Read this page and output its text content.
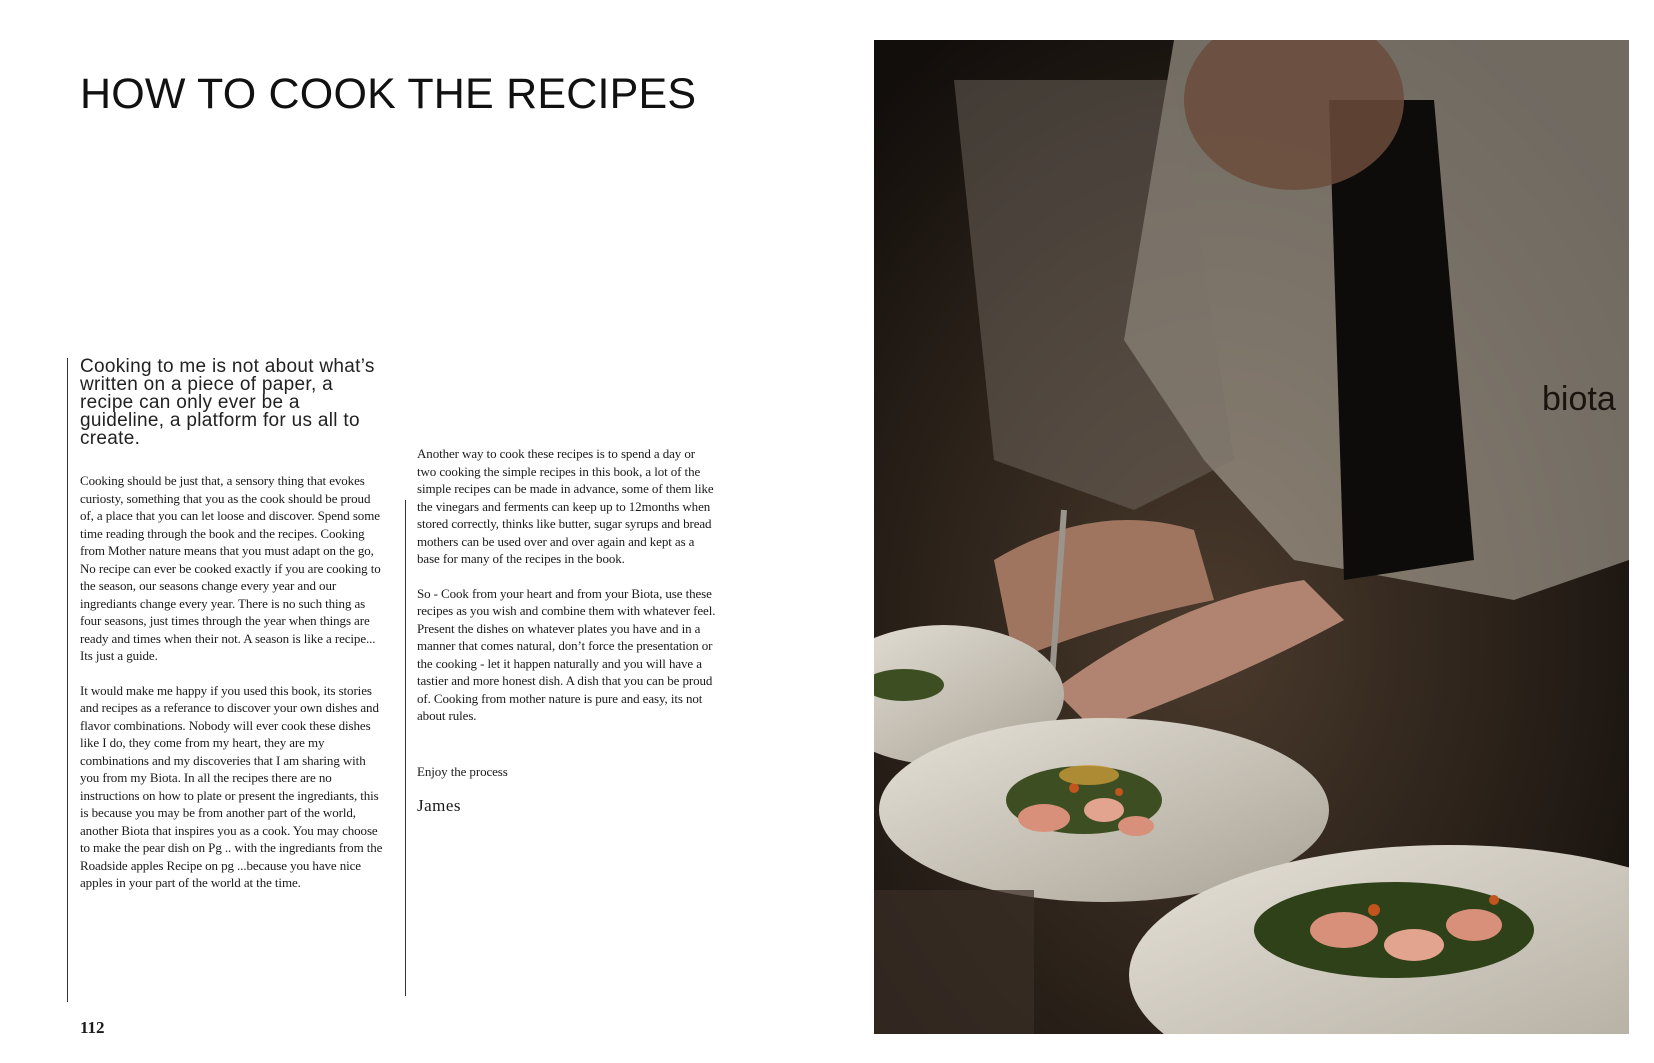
HOW TO COOK THE RECIPES

Cooking to me is not about what’s written on a piece of paper, a recipe can only ever be a guideline, a platform for us all to create.

Cooking should be just that, a sensory thing that evokes curiosty, something that you as the cook should be proud of, a place that you can let loose and discover. Spend some time reading through the book and the recipes. Cooking from Mother nature means that you must adapt on the go, No recipe can ever be cooked exactly if you are cooking to the season, our seasons change every year and our ingrediants change every year. There is no such thing as four seasons, just times through the year when things are ready and times when their not. A season is like a recipe... Its just a guide.

It would make me happy if you used this book, its stories and recipes as a referance to discover your own dishes and flavor combinations. Nobody will ever cook these dishes like I do, they come from my heart, they are my combinations and my discoveries that I am sharing with you from my Biota. In all the recipes there are no instructions on how to plate or present the ingrediants, this is because you may be from another part of the world, another Biota that inspires you as a cook. You may choose to make the pear dish on Pg .. with the ingrediants from the Roadside apples Recipe on pg ...because you have nice apples in your part of the world at the time.

Another way to cook these recipes is to spend a day or two cooking the simple recipes in this book, a lot of the simple recipes can be made in advance, some of them like the vinegars and ferments can keep up to 12months when stored correctly, thinks like butter, sugar syrups and bread mothers can be used over and over again and kept as a base for many of the recipes in the book.

So - Cook from your heart and from your Biota, use these recipes as you wish and combine them with whatever feel. Present the dishes on whatever plates you have and in a manner that comes natural, don’t force the presentation or the cooking - let it happen naturally and you will have a tastier and more honest dish. A dish that you can be proud of. Cooking from mother nature is pure and easy, its not about rules.

Enjoy the process

James

112
biota
